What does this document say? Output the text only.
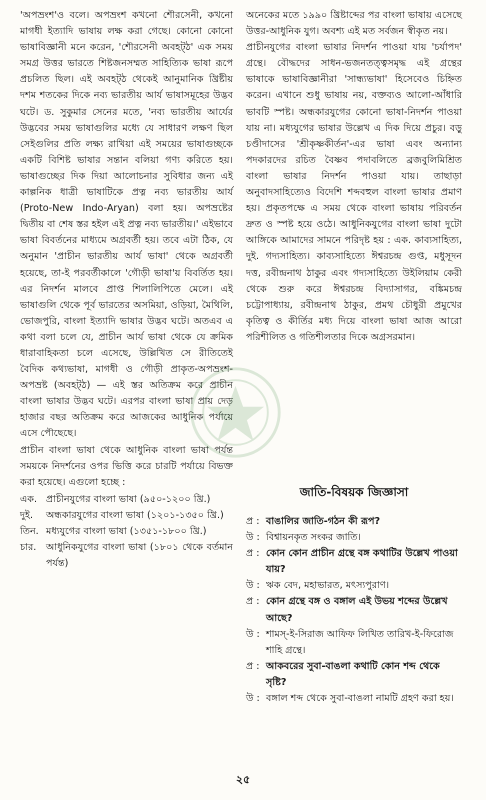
'অপভ্রংশ'ও বলে। অপভ্রংশ কখনো শৌরসেনী, কখনো মাগধী ইত্যাদি ভাষায় লক্ষ করা গেছে। কোনো কোনো ভাষাবিজ্ঞানী মনে করেন, 'শৌরসেনী অবহট্ঠ' এক সময় সমগ্র উত্তর ভারতে শিষ্টজনসম্মত সাহিত্যিক ভাষা রূপে প্রচলিত ছিল। এই অবহট্ঠ থেকেই আনুমানিক খ্রিষ্টীয় দশম শতকের দিকে নব্য ভারতীয় আর্য ভাষাসমূহের উদ্ভব ঘটে। ড. সুকুমার সেনের মতে, 'নব্য ভারতীয় আর্যের উদ্ভবের সময় ভাষাগুলির মধ্যে যে সাধারণ লক্ষণ ছিল সেইগুলির প্রতি লক্ষ্য রাখিয়া এই সময়ের ভাষাগুচ্ছকে একটি বিশিষ্ট ভাষার সন্তান বলিয়া গণ্য করিতে হয়। ভাষাগুচ্ছের দিক দিয়া আলোচনার সুবিধার জন্য এই কাল্পনিক ধাত্রী ভাষাটিকে প্রত্ন নব্য ভারতীয় আর্য (Proto-New Indo-Aryan) বলা হয়। অপভ্রষ্টের দ্বিতীয় বা শেষ স্তর হইল এই প্রত্ন নব্য ভারতীয়।' এইভাবে ভাষা বিবর্তনের মাধ্যমে অগ্রবর্তী হয়। তবে এটা ঠিক, যে অনুমান 'প্রাচীন ভারতীয় আর্য ভাষা' থেকে অগ্রবর্তী হয়েছে, তা-ই পরবর্তীকালে 'গৌড়ী ভাষা'য় বিবর্তিত হয়। এর নিদর্শন মালবে প্রাপ্ত শিলালিপিতে মেলে। এই ভাষাগুলি থেকে পূর্ব ভারতের অসমিয়া, ওড়িয়া, মৈথিলি, ভোজপুরি, বাংলা ইত্যাদি ভাষার উদ্ভব ঘটে। অতএব এ কথা বলা চলে যে, প্রাচীন আর্য ভাষা থেকে যে ক্রমিক ধারাবাহিকতা চলে এসেছে, উল্লিখিত সে রীতিতেই বৈদিক কথ্যভাষা, মাগধী ও গৌড়ী প্রাকৃত-অপভ্রংশ-অপভ্রষ্ট (অবহট্ঠ) — এই স্তর অতিক্রম করে প্রাচীন বাংলা ভাষার উদ্ভব ঘটে। এরপর বাংলা ভাষা প্রায় দেড় হাজার বছর অতিক্রম করে আজকের আধুনিক পর্যায়ে এসে পৌছেছে।

প্রাচীন বাংলা ভাষা থেকে আধুনিক বাংলা ভাষা পর্যন্ত সময়কে নিদর্শনের ওপর ভিত্তি করে চারটি পর্যায়ে বিভক্ত করা হয়েছে। এগুলো হচ্ছে :

এক. প্রাচীনযুগের বাংলা ভাষা (৯৫০-১২০০ খ্রি.)
দুই.	অন্ধকারযুগের বাংলা ভাষা (১২০১-১৩৫০ খ্রি.)
তিন. মধ্যযুগের বাংলা ভাষা (১৩৫১-১৮০০ খ্রি.)
চার.	আধুনিকযুগের বাংলা ভাষা (১৮০১ থেকে বর্তমান পর্যন্ত)

অনেকের মতে ১৯৯০ খ্রিষ্টাব্দের পর বাংলা ভাষায় এসেছে উত্তর-আধুনিক যুগ। অবশ্য এই মত সর্বজন স্বীকৃত নয়।

প্রাচীনযুগের বাংলা ভাষার নিদর্শন পাওয়া যায় 'চর্যাপদ' গ্রন্থে। বৌদ্ধদের সাধন-ভজনতত্ত্বসমৃদ্ধ এই গ্রন্থের ভাষাকে ভাষাবিজ্ঞানীরা 'সান্ধ্যভাষা' হিসেবেও চিহ্নিত করেন। এখানে শুধু ভাষায় নয়, বক্তব্যও আলো-আঁধারি ভাবটি স্পষ্ট। অন্ধকারযুগের কোনো ভাষা-নিদর্শন পাওয়া যায় না। মধ্যযুগের ভাষার উল্লেখ এ দিক দিয়ে প্রচুর। বড়ু চণ্ডীদাসের 'শ্রীকৃষ্ণকীর্তন'-এর ভাষা এবং অন্যান্য পদকারদের রচিত বৈষ্ণব পদাবলিতে ব্রজবুলিমিশ্রিত বাংলা ভাষার নিদর্শন পাওয়া যায়। তাছাড়া অনুবাদসাহিত্যেও বিদেশি শব্দবহুল বাংলা ভাষার প্রমাণ হয়। প্রকৃতপক্ষে এ সময় থেকে বাংলা ভাষায় পরিবর্তন দ্রুত ও স্পষ্ট হয়ে ওঠে। আধুনিকযুগের বাংলা ভাষা দুটো আঙ্গিকে আমাদের সামনে পরিদৃষ্ট হয় : এক. কাব্যসাহিত্য, দুই. গদ্যসাহিত্য। কাব্যসাহিত্যে ঈশ্বরচন্দ্র গুপ্ত, মধুসূদন দত্ত, রবীন্দ্রনাথ ঠাকুর এবং গদ্যসাহিত্যে উইলিয়াম কেরী থেকে শুরু করে ঈশ্বরচন্দ্র বিদ্যাসাগর, বঙ্কিমচন্দ্র চট্টোপাধ্যায়, রবীন্দ্রনাথ ঠাকুর, প্রমথ চৌধুরী প্রমুখের কৃতিত্ব ও কীর্তির মধ্য দিয়ে বাংলা ভাষা আজ আরো পরিশীলিত ও গতিশীলতার দিকে অগ্রসরমান।

জাতি-বিষয়ক জিজ্ঞাসা
প্র : বাঙালির জাতি-গঠন কী রূপ?
উ : বিশ্বায়নকৃত সংকর জাতি।
প্র : কোন কোন প্রাচীন গ্রন্থে বঙ্গ কথাটির উল্লেখ পাওয়া যায়?
উ : ঋক বেদ, মহাভারত, মৎস্যপুরাণ।
প্র : কোন গ্রন্থে বঙ্গ ও বঙ্গাল এই উভয় শব্দের উল্লেখ আছে?
উ : শামস্-ই-সিরাজ আফিফ লিখিত তারিখ-ই-ফিরোজ শাহি গ্রন্থে।
প্র : আকবরের সুবা-বাঙলা কথাটি কোন শব্দ থেকে সৃষ্টি?
উ : বঙ্গাল শব্দ থেকে সুবা-বাঙলা নামটি গ্রহণ করা হয়।
২৫
